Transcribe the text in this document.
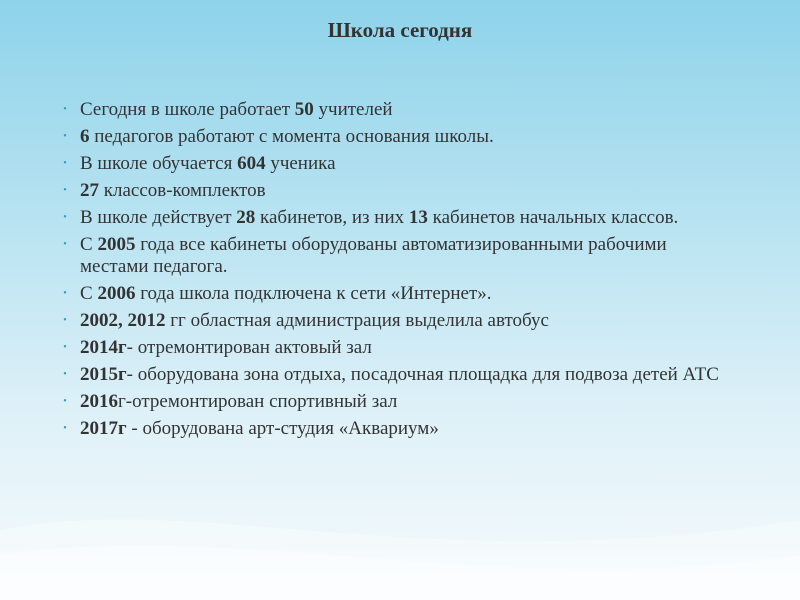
Школа сегодня
• Сегодня в школе работает 50 учителей
• 6 педагогов работают с момента основания школы.
• В школе обучается 604 ученика
• 27 классов-комплектов
• В школе действует 28 кабинетов, из них 13 кабинетов начальных классов.
• С 2005 года все кабинеты оборудованы автоматизированными рабочими местами педагога.
• С 2006 года школа подключена к сети «Интернет».
• 2002, 2012 гг областная администрация выделила автобус
• 2014г- отремонтирован актовый зал
• 2015г- оборудована зона отдыха, посадочная площадка для подвоза детей АТС
• 2016г-отремонтирован спортивный зал
• 2017г - оборудована арт-студия «Аквариум»
